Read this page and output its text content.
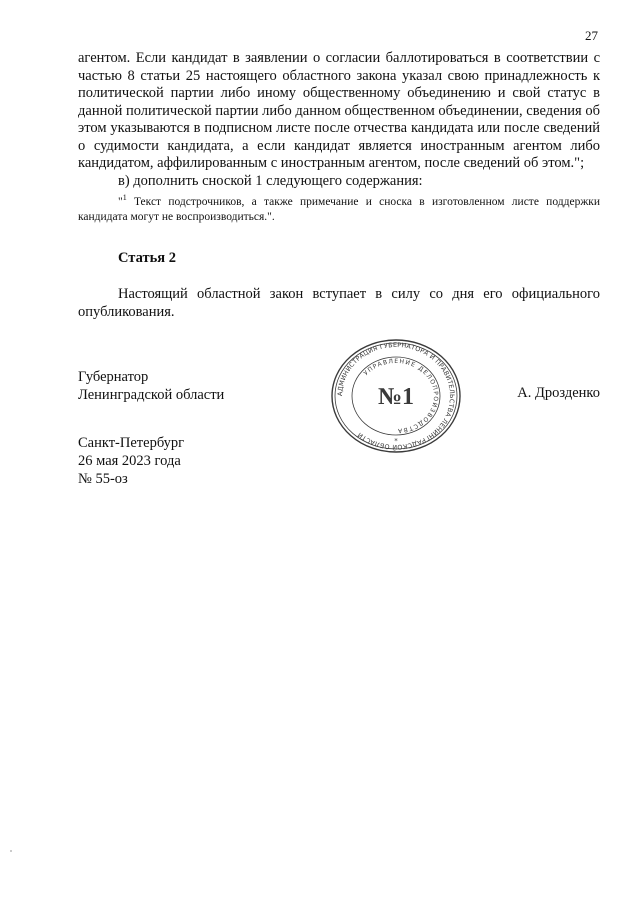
27

агентом. Если кандидат в заявлении о согласии баллотироваться в соответствии с частью 8 статьи 25 настоящего областного закона указал свою принадлежность к политической партии либо иному общественному объединению и свой статус в данной политической партии либо данном общественном объединении, сведения об этом указываются в подписном листе после отчества кандидата или после сведений о судимости кандидата, а если кандидат является иностранным агентом либо кандидатом, аффилированным с иностранным агентом, после сведений об этом.";

в) дополнить сноской 1 следующего содержания:

"$^1$ Текст подстрочников, а также примечание и сноска в изготовленном листе поддержки кандидата могут не воспроизводиться.".

Статья 2

Настоящий областной закон вступает в силу со дня его официального опубликования.

Губернатор
Ленинградской области	АДМИНИСТРАЦИЯ ГУБЕРНАТОРА И ПРАВИТЕЛЬСТВА ЛЕНИНГРАДСКОЙ ОБЛАСТИ
УПРАВЛЕНИЕ ДЕЛОПРОИЗВОДСТВА
№1
*
А. Дрозденко
Санкт-Петербург
26 мая 2023 года
№ 55-оз
